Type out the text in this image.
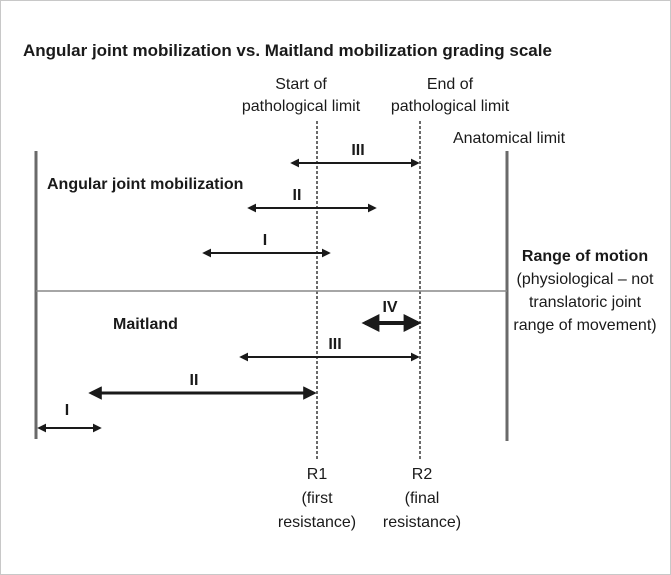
Angular joint mobilization vs. Maitland mobilization grading scale
Start of
pathological limit
End of
pathological limit
Anatomical limit
Angular joint mobilization
Maitland
Range of motion
(physiological – not
translatoric joint
range of movement)
III
II
I
IV
III
II
I
R1
(first
resistance)
R2
(final
resistance)
